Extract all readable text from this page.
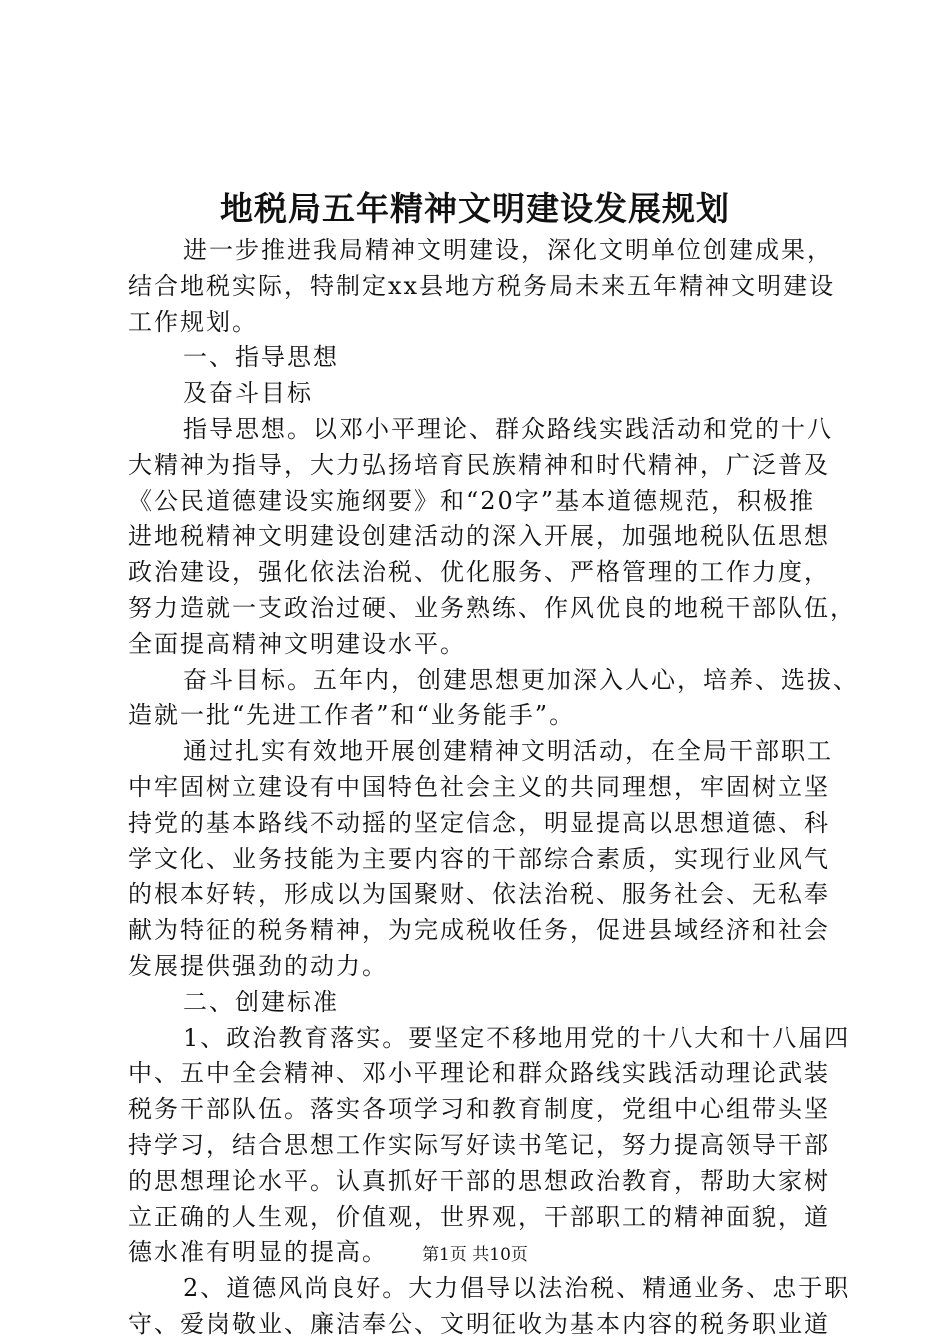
地税局五年精神文明建设发展规划
进一步推进我局精神文明建设，深化文明单位创建成果，
结合地税实际，特制定xx县地方税务局未来五年精神文明建设
工作规划。
一、指导思想
及奋斗目标
指导思想。以邓小平理论、群众路线实践活动和党的十八
大精神为指导，大力弘扬培育民族精神和时代精神，广泛普及
《公民道德建设实施纲要》和“20字”基本道德规范，积极推
进地税精神文明建设创建活动的深入开展，加强地税队伍思想
政治建设，强化依法治税、优化服务、严格管理的工作力度，
努力造就一支政治过硬、业务熟练、作风优良的地税干部队伍，
全面提高精神文明建设水平。
奋斗目标。五年内，创建思想更加深入人心，培养、选拔、
造就一批“先进工作者”和“业务能手”。
通过扎实有效地开展创建精神文明活动，在全局干部职工
中牢固树立建设有中国特色社会主义的共同理想，牢固树立坚
持党的基本路线不动摇的坚定信念，明显提高以思想道德、科
学文化、业务技能为主要内容的干部综合素质，实现行业风气
的根本好转，形成以为国聚财、依法治税、服务社会、无私奉
献为特征的税务精神，为完成税收任务，促进县域经济和社会
发展提供强劲的动力。
二、创建标准
1、政治教育落实。要坚定不移地用党的十八大和十八届四
中、五中全会精神、邓小平理论和群众路线实践活动理论武装
税务干部队伍。落实各项学习和教育制度，党组中心组带头坚
持学习，结合思想工作实际写好读书笔记，努力提高领导干部
的思想理论水平。认真抓好干部的思想政治教育，帮助大家树
立正确的人生观，价值观，世界观，干部职工的精神面貌，道
德水准有明显的提高。
2、道德风尚良好。大力倡导以法治税、精通业务、忠于职
守、爱岗敬业、廉洁奉公、文明征收为基本内容的税务职业道
第1页 共10页
